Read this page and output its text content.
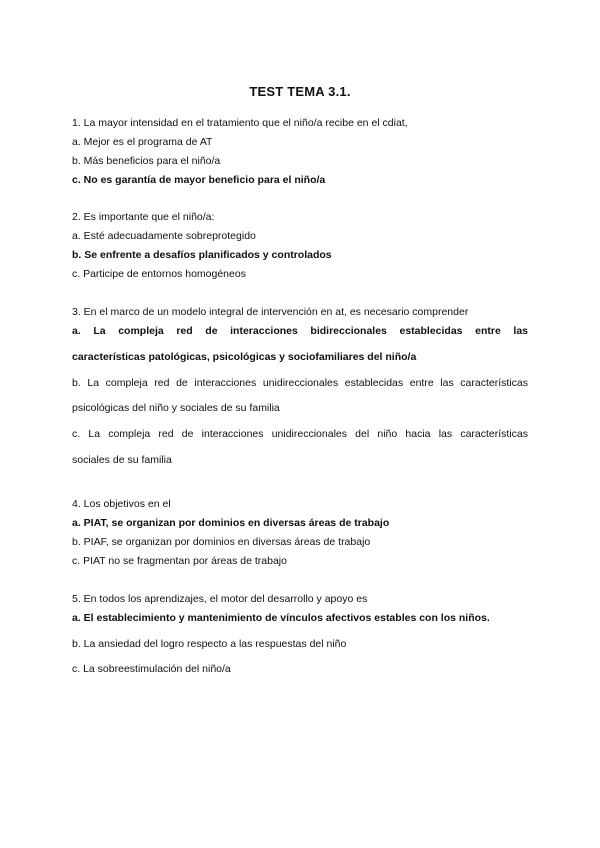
TEST TEMA 3.1.
1. La mayor intensidad en el tratamiento que el niño/a recibe en el cdiat,
a. Mejor es el programa de AT
b. Más beneficios para el niño/a
c. No es garantía de mayor beneficio para el niño/a
2. Es importante que el niño/a:
a. Esté adecuadamente sobreprotegido
b. Se enfrente a desafíos planificados y controlados
c. Participe de entornos homogéneos
3. En el marco de un modelo integral de intervención en at, es necesario comprender
a. La compleja red de interacciones bidireccionales establecidas entre las
características patológicas, psicológicas y sociofamiliares del niño/a
b. La compleja red de interacciones unidireccionales establecidas entre las características
psicológicas del niño y sociales de su familia
c. La compleja red de interacciones unidireccionales del niño hacia las características
sociales de su familia
4. Los objetivos en el
a. PIAT, se organizan por dominios en diversas áreas de trabajo
b. PIAF, se organizan por dominios en diversas áreas de trabajo
c. PIAT no se fragmentan por áreas de trabajo
5. En todos los aprendizajes, el motor del desarrollo y apoyo es
a. El establecimiento y mantenimiento de vínculos afectivos estables con los niños.
b. La ansiedad del logro respecto a las respuestas del niño
c. La sobreestimulación del niño/a
